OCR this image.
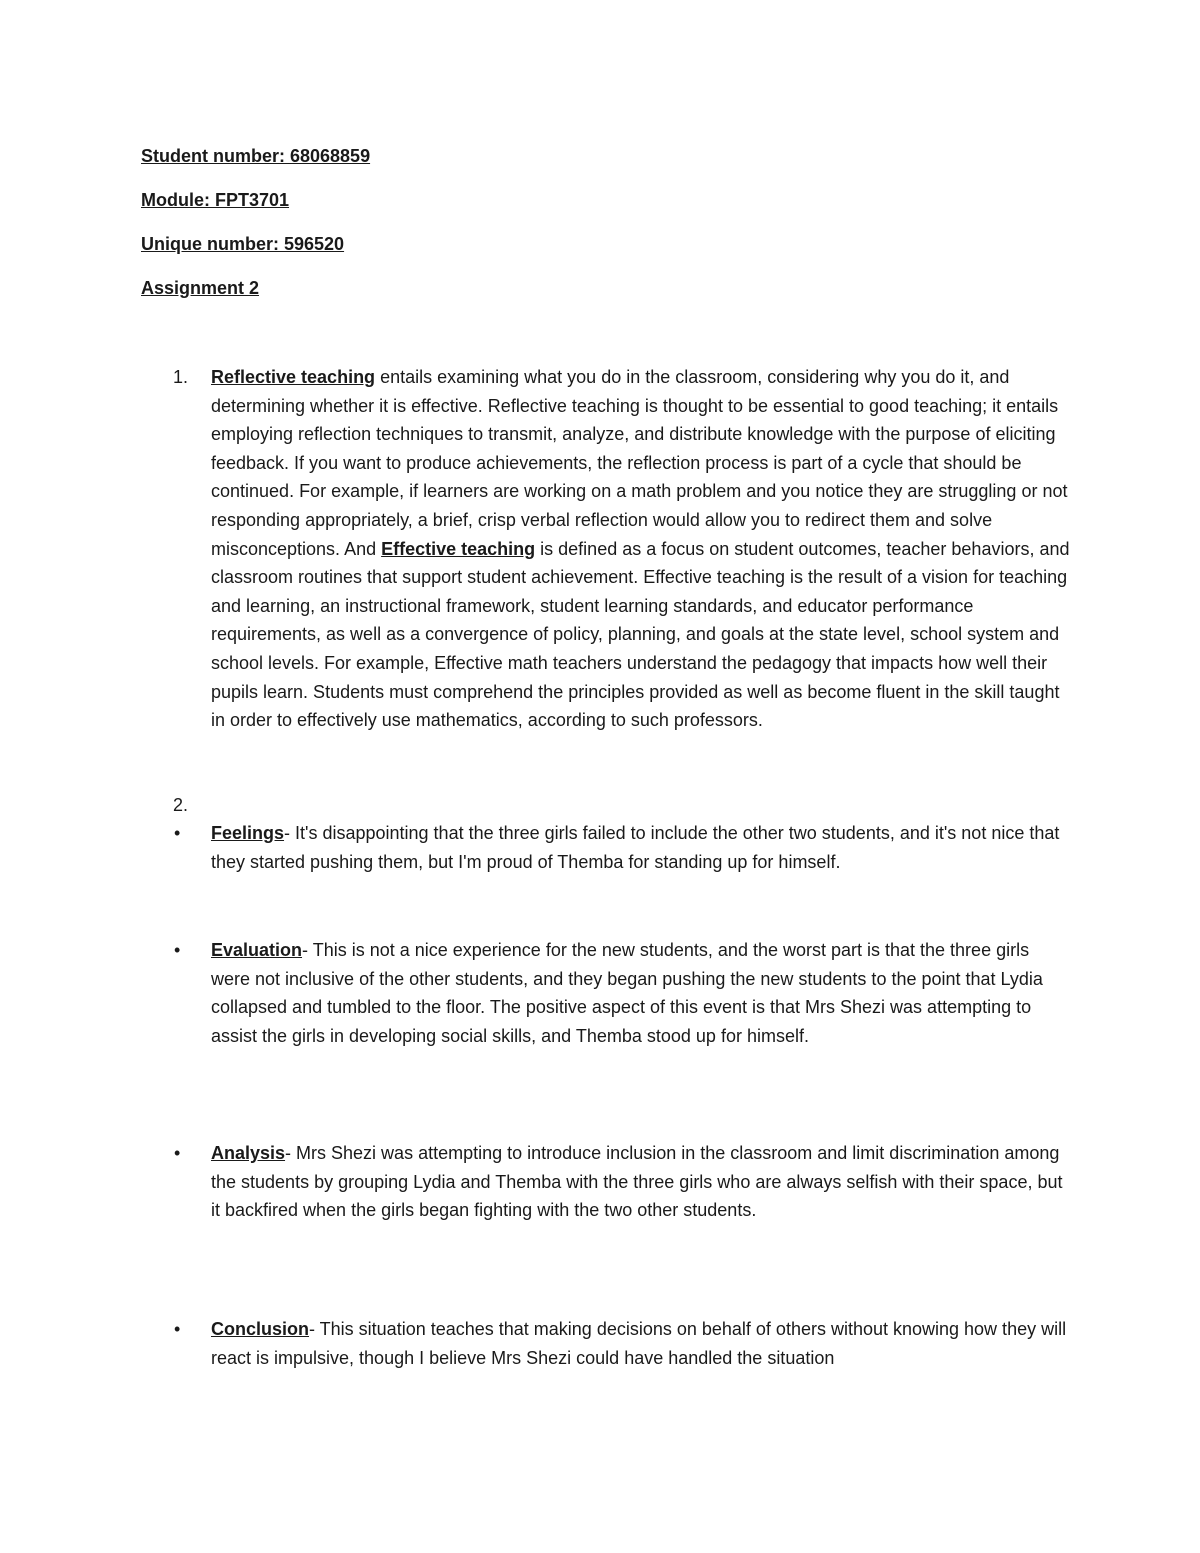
Student number: 68068859
Module: FPT3701
Unique number: 596520
Assignment 2
1. Reflective teaching entails examining what you do in the classroom, considering why you do it, and determining whether it is effective. Reflective teaching is thought to be essential to good teaching; it entails employing reflection techniques to transmit, analyze, and distribute knowledge with the purpose of eliciting feedback. If you want to produce achievements, the reflection process is part of a cycle that should be continued. For example, if learners are working on a math problem and you notice they are struggling or not responding appropriately, a brief, crisp verbal reflection would allow you to redirect them and solve misconceptions. And Effective teaching is defined as a focus on student outcomes, teacher behaviors, and classroom routines that support student achievement. Effective teaching is the result of a vision for teaching and learning, an instructional framework, student learning standards, and educator performance requirements, as well as a convergence of policy, planning, and goals at the state level, school system and school levels. For example, Effective math teachers understand the pedagogy that impacts how well their pupils learn. Students must comprehend the principles provided as well as become fluent in the skill taught in order to effectively use mathematics, according to such professors.
2.
• Feelings- It's disappointing that the three girls failed to include the other two students, and it's not nice that they started pushing them, but I'm proud of Themba for standing up for himself.
• Evaluation- This is not a nice experience for the new students, and the worst part is that the three girls were not inclusive of the other students, and they began pushing the new students to the point that Lydia collapsed and tumbled to the floor. The positive aspect of this event is that Mrs Shezi was attempting to assist the girls in developing social skills, and Themba stood up for himself.
• Analysis- Mrs Shezi was attempting to introduce inclusion in the classroom and limit discrimination among the students by grouping Lydia and Themba with the three girls who are always selfish with their space, but it backfired when the girls began fighting with the two other students.
• Conclusion- This situation teaches that making decisions on behalf of others without knowing how they will react is impulsive, though I believe Mrs Shezi could have handled the situation
